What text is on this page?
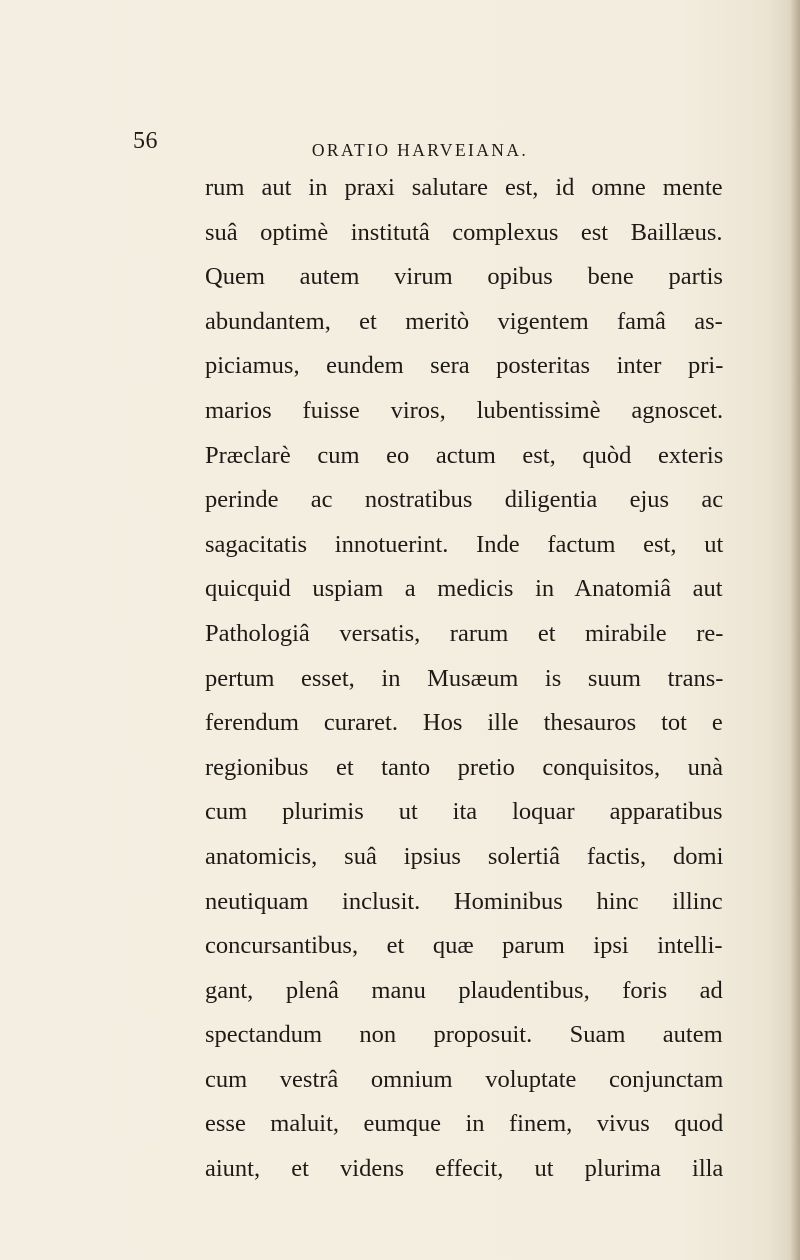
56	ORATIO HARVEIANA.
rum aut in praxi salutare est, id omne mente
suâ optimè institutâ complexus est Baillæus.
Quem autem virum opibus bene partis
abundantem, et meritò vigentem famâ as-
piciamus, eundem sera posteritas inter pri-
marios fuisse viros, lubentissimè agnoscet.
Præclarè cum eo actum est, quòd exteris
perinde ac nostratibus diligentia ejus ac
sagacitatis innotuerint. Inde factum est, ut
quicquid uspiam a medicis in Anatomiâ aut
Pathologiâ versatis, rarum et mirabile re-
pertum esset, in Musæum is suum trans-
ferendum curaret. Hos ille thesauros tot e
regionibus et tanto pretio conquisitos, unà
cum plurimis ut ita loquar apparatibus
anatomicis, suâ ipsius solertiâ factis, domi
neutiquam inclusit. Hominibus hinc illinc
concursantibus, et quæ parum ipsi intelli-
gant, plenâ manu plaudentibus, foris ad
spectandum non proposuit. Suam autem
cum vestrâ omnium voluptate conjunctam
esse maluit, eumque in finem, vivus quod
aiunt, et videns effecit, ut plurima illa
